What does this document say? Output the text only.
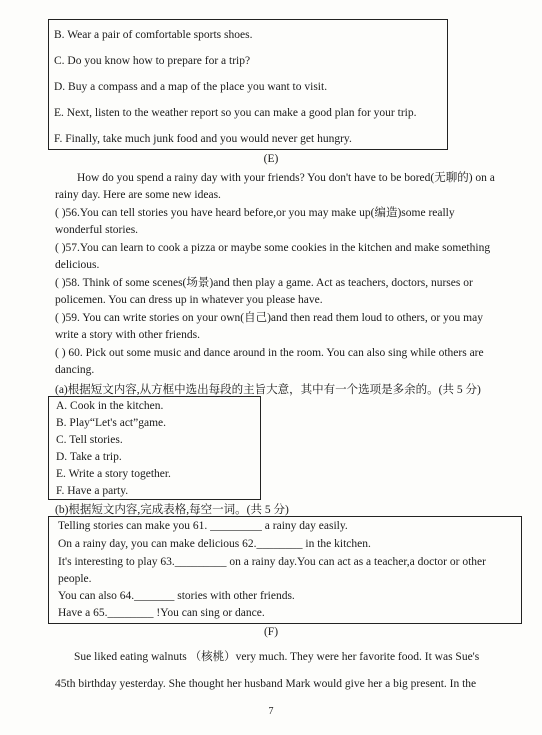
B. Wear a pair of comfortable sports shoes.
C. Do you know how to prepare for a trip?
D. Buy a compass and a map of the place you want to visit.
E. Next, listen to the weather report so you can make a good plan for your trip.
F. Finally, take much junk food and you would never get hungry.
(E)
How do you spend a rainy day with your friends? You don't have to be bored(无聊的) on a rainy day. Here are some new ideas.
( )56.You can tell stories you have heard before,or you may make up(编造)some really wonderful stories.
( )57.You can learn to cook a pizza or maybe some cookies in the kitchen and make something delicious.
( )58. Think of some scenes(场景)and then play a game. Act as teachers, doctors, nurses or policemen. You can dress up in whatever you please have.
( )59. You can write stories on your own(自己)and then read them loud to others, or you may write a story with other friends.
( ) 60. Pick out some music and dance around in the room. You can also sing while others are dancing.
(a)根据短文内容,从方框中选出每段的主旨大意，其中有一个选项是多余的。(共 5 分)
A. Cook in the kitchen.
B. Play“Let's act”game.
C. Tell stories.
D. Take a trip.
E. Write a story together.
F. Have a party.
(b)根据短文内容,完成表格,每空一词。(共 5 分)
Telling stories can make you 61. _________ a rainy day easily.
On a rainy day, you can make delicious 62.________ in the kitchen.
It's interesting to play 63._________ on a rainy day.You can act as a teacher,a doctor or other
people.
You can also 64._______ stories with other friends.
Have a 65.________ !You can sing or dance.
(F)
Sue liked eating walnuts （核桃）very much. They were her favorite food. It was Sue's
45th birthday yesterday. She thought her husband Mark would give her a big present. In the
7
